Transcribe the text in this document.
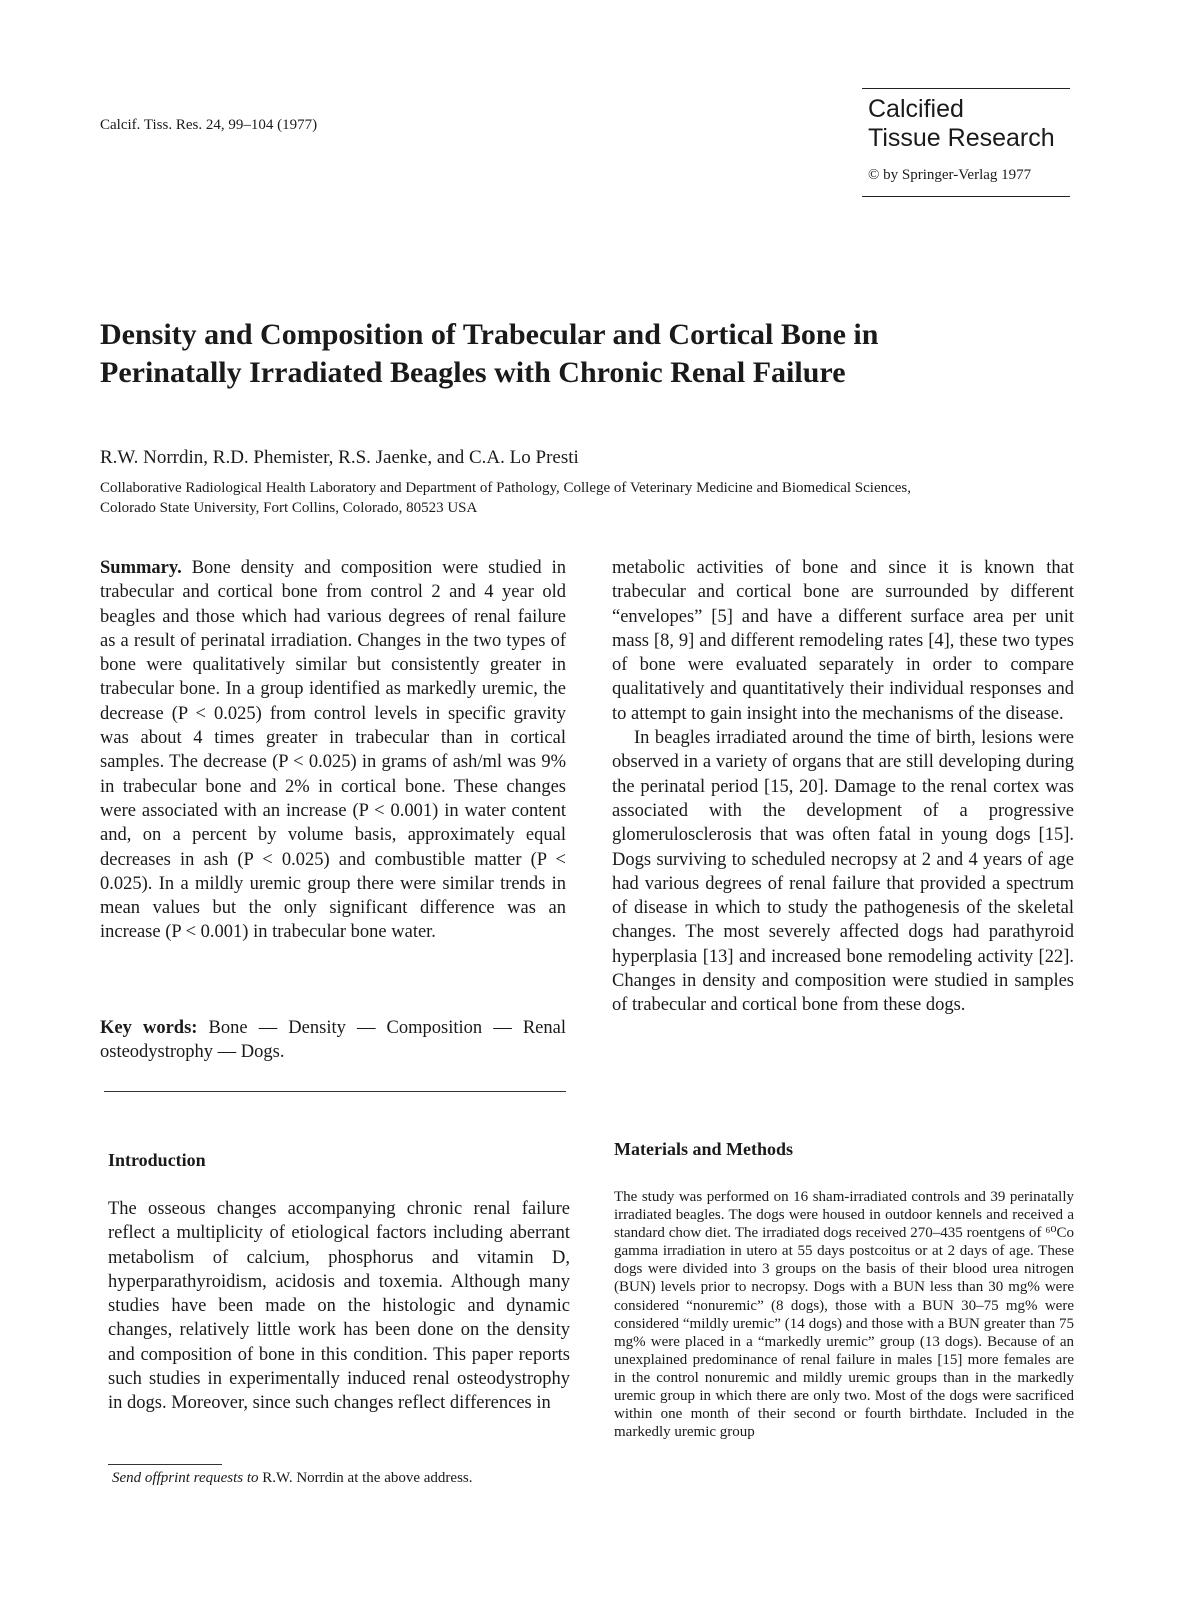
Calcif. Tiss. Res. 24, 99–104 (1977)
Calcified
Tissue Research
© by Springer-Verlag 1977
Density and Composition of Trabecular and Cortical Bone in
Perinatally Irradiated Beagles with Chronic Renal Failure
R.W. Norrdin, R.D. Phemister, R.S. Jaenke, and C.A. Lo Presti
Collaborative Radiological Health Laboratory and Department of Pathology, College of Veterinary Medicine and Biomedical Sciences,
Colorado State University, Fort Collins, Colorado, 80523 USA

Summary. Bone density and composition were studied in trabecular and cortical bone from control 2 and 4 year old beagles and those which had various degrees of renal failure as a result of perinatal irradiation. Changes in the two types of bone were qualitatively similar but consistently greater in trabecular bone. In a group identified as markedly uremic, the decrease (P < 0.025) from control levels in specific gravity was about 4 times greater in trabecular than in cortical samples. The decrease (P < 0.025) in grams of ash/ml was 9% in trabecular bone and 2% in cortical bone. These changes were associated with an increase (P < 0.001) in water content and, on a percent by volume basis, approximately equal decreases in ash (P < 0.025) and combustible matter (P < 0.025). In a mildly uremic group there were similar trends in mean values but the only significant difference was an increase (P < 0.001) in trabecular bone water.

Key words: Bone — Density — Composition — Renal osteodystrophy — Dogs.

Introduction

The osseous changes accompanying chronic renal failure reflect a multiplicity of etiological factors including aberrant metabolism of calcium, phosphorus and vitamin D, hyperparathyroidism, acidosis and toxemia. Although many studies have been made on the histologic and dynamic changes, relatively little work has been done on the density and composition of bone in this condition. This paper reports such studies in experimentally induced renal osteodystrophy in dogs. Moreover, since such changes reflect differences in

Send offprint requests to R.W. Norrdin at the above address.

metabolic activities of bone and since it is known that trabecular and cortical bone are surrounded by different “envelopes” [5] and have a different surface area per unit mass [8, 9] and different remodeling rates [4], these two types of bone were evaluated separately in order to compare qualitatively and quantitatively their individual responses and to attempt to gain insight into the mechanisms of the disease.

In beagles irradiated around the time of birth, lesions were observed in a variety of organs that are still developing during the perinatal period [15, 20]. Damage to the renal cortex was associated with the development of a progressive glomerulosclerosis that was often fatal in young dogs [15]. Dogs surviving to scheduled necropsy at 2 and 4 years of age had various degrees of renal failure that provided a spectrum of disease in which to study the pathogenesis of the skeletal changes. The most severely affected dogs had parathyroid hyperplasia [13] and increased bone remodeling activity [22]. Changes in density and composition were studied in samples of trabecular and cortical bone from these dogs.

Materials and Methods

The study was performed on 16 sham-irradiated controls and 39 perinatally irradiated beagles. The dogs were housed in outdoor kennels and received a standard chow diet. The irradiated dogs received 270–435 roentgens of ⁶⁰Co gamma irradiation in utero at 55 days postcoitus or at 2 days of age. These dogs were divided into 3 groups on the basis of their blood urea nitrogen (BUN) levels prior to necropsy. Dogs with a BUN less than 30 mg% were considered “nonuremic” (8 dogs), those with a BUN 30–75 mg% were considered “mildly uremic” (14 dogs) and those with a BUN greater than 75 mg% were placed in a “markedly uremic” group (13 dogs). Because of an unexplained predominance of renal failure in males [15] more females are in the control nonuremic and mildly uremic groups than in the markedly uremic group in which there are only two. Most of the dogs were sacrificed within one month of their second or fourth birthdate. Included in the markedly uremic group
